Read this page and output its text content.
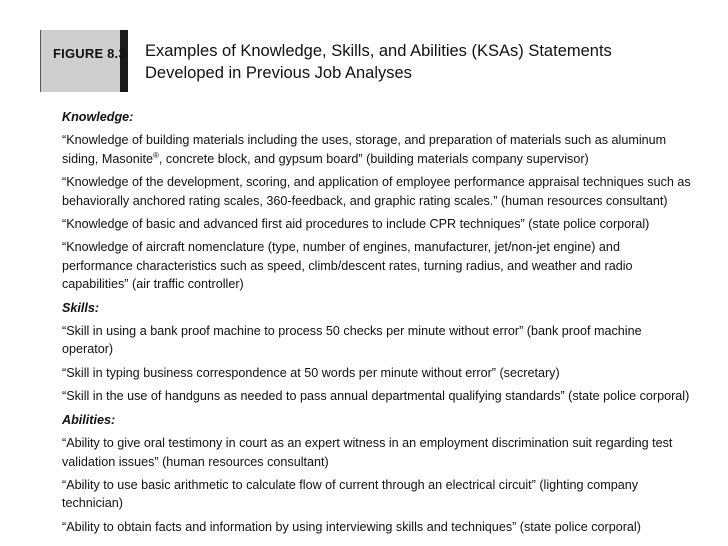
FIGURE 8.3 Examples of Knowledge, Skills, and Abilities (KSAs) Statements
Developed in Previous Job Analyses
Knowledge:
“Knowledge of building materials including the uses, storage, and preparation of materials such as aluminum siding, Masonite®, concrete block, and gypsum board” (building materials company supervisor)
“Knowledge of the development, scoring, and application of employee performance appraisal techniques such as behaviorally anchored rating scales, 360-feedback, and graphic rating scales.” (human resources consultant)
“Knowledge of basic and advanced first aid procedures to include CPR techniques” (state police corporal)
“Knowledge of aircraft nomenclature (type, number of engines, manufacturer, jet/non-jet engine) and performance characteristics such as speed, climb/descent rates, turning radius, and weather and radio capabilities” (air traffic controller)
Skills:
“Skill in using a bank proof machine to process 50 checks per minute without error” (bank proof machine operator)
“Skill in typing business correspondence at 50 words per minute without error” (secretary)
“Skill in the use of handguns as needed to pass annual departmental qualifying standards” (state police corporal)
Abilities:
“Ability to give oral testimony in court as an expert witness in an employment discrimination suit regarding test validation issues” (human resources consultant)
“Ability to use basic arithmetic to calculate flow of current through an electrical circuit” (lighting company technician)
“Ability to obtain facts and information by using interviewing skills and techniques” (state police corporal)
